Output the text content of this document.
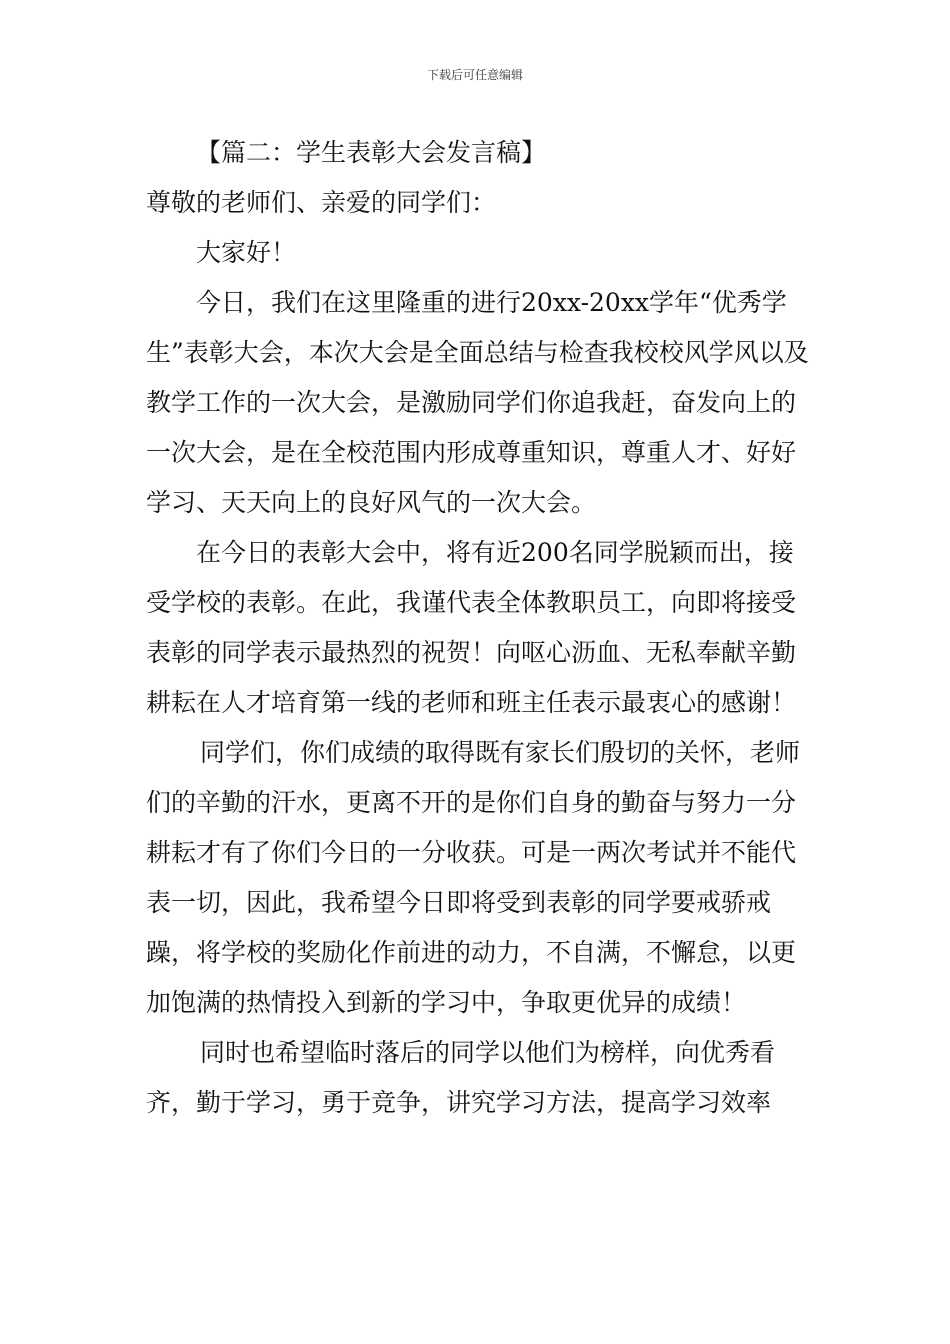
下载后可任意编辑

【篇二：学生表彰大会发言稿】

尊敬的老师们、亲爱的同学们：

大家好！

今日，我们在这里隆重的进行20xx-20xx学年“优秀学生”表彰大会，本次大会是全面总结与检查我校校风学风以及教学工作的一次大会，是激励同学们你追我赶，奋发向上的一次大会，是在全校范围内形成尊重知识，尊重人才、好好学习、天天向上的良好风气的一次大会。

在今日的表彰大会中，将有近200名同学脱颖而出，接受学校的表彰。在此，我谨代表全体教职员工，向即将接受表彰的同学表示最热烈的祝贺！向呕心沥血、无私奉献辛勤耕耘在人才培育第一线的老师和班主任表示最衷心的感谢！

同学们，你们成绩的取得既有家长们殷切的关怀，老师们的辛勤的汗水，更离不开的是你们自身的勤奋与努力一分耕耘才有了你们今日的一分收获。可是一两次考试并不能代表一切，因此，我希望今日即将受到表彰的同学要戒骄戒躁，将学校的奖励化作前进的动力，不自满，不懈怠，以更加饱满的热情投入到新的学习中，争取更优异的成绩！

同时也希望临时落后的同学以他们为榜样，向优秀看齐，勤于学习，勇于竞争，讲究学习方法，提高学习效率
